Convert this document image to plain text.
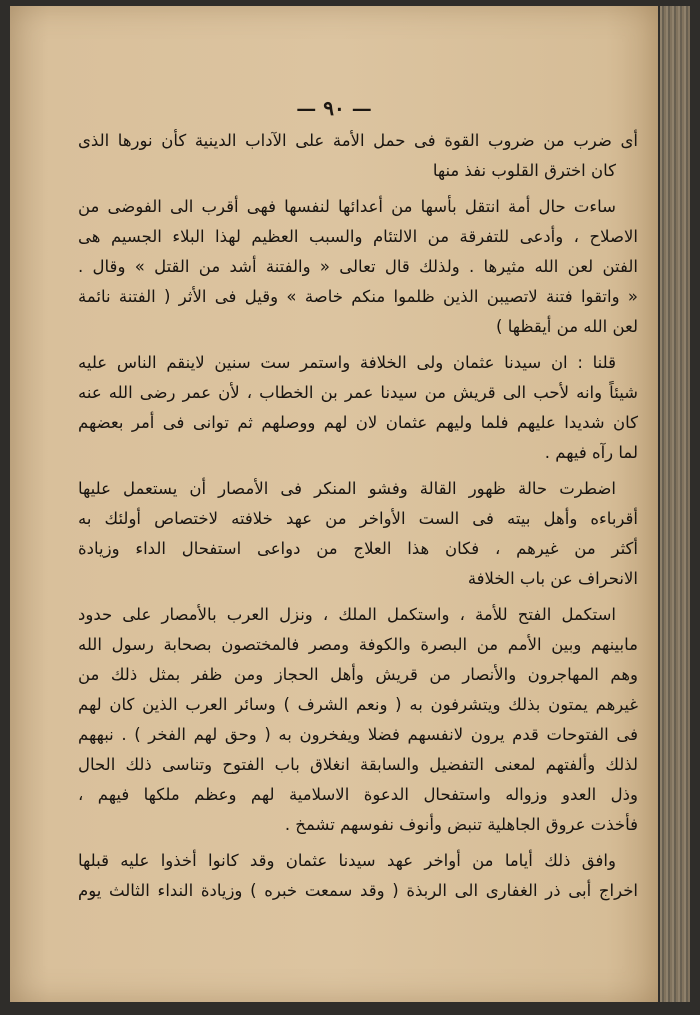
— ٩٠ —
أى ضرب من ضروب القوة فى حمل الأمة على الآداب الدينية كأن نورها الذى
كان اخترق القلوب نفذ منها
ساءت حال أمة انتقل بأسها من أعدائها لنفسها فهى أقرب الى الفوضى من
الاصلاح ، وأدعى للتفرقة من الالتئام والسبب العظيم لهذا البلاء الجسيم هى
الفتن لعن الله مثيرها . ولذلك قال تعالى « والفتنة أشد من القتل » وقال .
« واتقوا فتنة لاتصيبن الذين ظلموا منكم خاصة » وقيل فى الأثر ( الفتنة نائمة
لعن الله من أيقظها )
قلنا : ان سيدنا عثمان ولى الخلافة واستمر ست سنين لاينقم الناس عليه
شيئاً وانه لأحب الى قريش من سيدنا عمر بن الخطاب ، لأن عمر رضى الله عنه
كان شديدا عليهم فلما وليهم عثمان لان لهم ووصلهم ثم توانى فى أمر بعضهم
لما رآه فيهم .
اضطرت حالة ظهور القالة وفشو المنكر فى الأمصار أن يستعمل عليها
أقرباءه وأهل بيته فى الست الأواخر من عهد خلافته لاختصاص أولئك به
أكثر من غيرهم ، فكان هذا العلاج من دواعى استفحال الداء وزيادة
الانحراف عن باب الخلافة
استكمل الفتح للأمة ، واستكمل الملك ، ونزل العرب بالأمصار على حدود
مابينهم وبين الأمم من البصرة والكوفة ومصر فالمختصون بصحابة رسول الله
وهم المهاجرون والأنصار من قريش وأهل الحجاز ومن ظفر بمثل ذلك من
غيرهم يمتون بذلك ويتشرفون به ( ونعم الشرف ) وسائر العرب الذين كان لهم
فى الفتوحات قدم يرون لانفسهم فضلا ويفخرون به ( وحق لهم الفخر ) . نبههم
لذلك وألفتهم لمعنى التفضيل والسابقة انغلاق باب الفتوح وتناسى ذلك الحال
وذل العدو وزواله واستفحال الدعوة الاسلامية لهم وعظم ملكها فيهم ،
فأخذت عروق الجاهلية تنبض وأنوف نفوسهم تشمخ .
وافق ذلك أياما من أواخر عهد سيدنا عثمان وقد كانوا أخذوا عليه قبلها
اخراج أبى ذر الغفارى الى الربذة ( وقد سمعت خبره ) وزيادة النداء الثالث يوم
